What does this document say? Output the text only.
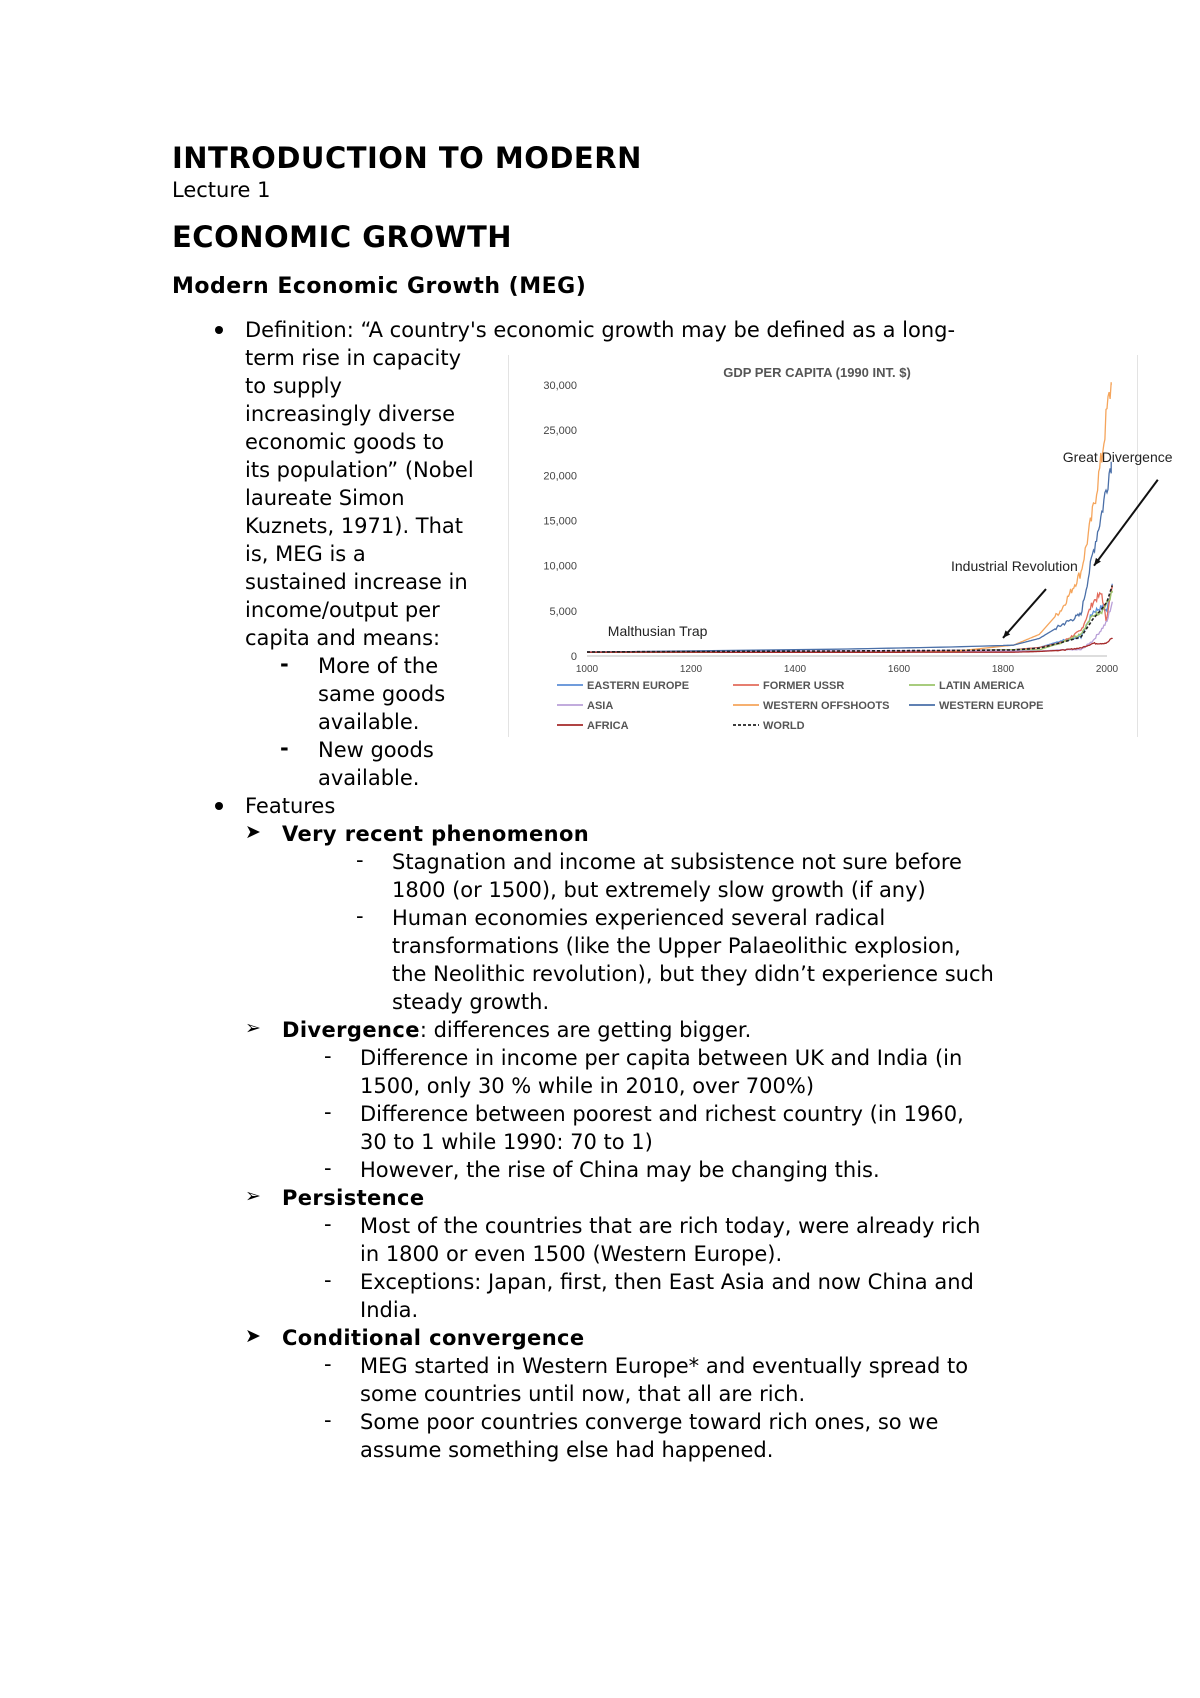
INTRODUCTION TO MODERN
Lecture 1
ECONOMIC GROWTH
Modern Economic Growth (MEG)
Definition: “A country's economic growth may be defined as a long-
term rise in capacity
to supply
increasingly diverse
economic goods to
its population” (Nobel
laureate Simon
Kuznets, 1971). That
is, MEG is a
sustained increase in
income/output per
capita and means:
- More of the
same goods
available.
- New goods
available.
Features
➤ Very recent phenomenon
- Stagnation and income at subsistence not sure before
1800 (or 1500), but extremely slow growth (if any)
- Human economies experienced several radical
transformations (like the Upper Palaeolithic explosion,
the Neolithic revolution), but they didn’t experience such
steady growth.
➢ Divergence: differences are getting bigger.
- Difference in income per capita between UK and India (in
1500, only 30 % while in 2010, over 700%)
- Difference between poorest and richest country (in 1960,
30 to 1 while 1990: 70 to 1)
- However, the rise of China may be changing this.
➢ Persistence
- Most of the countries that are rich today, were already rich
in 1800 or even 1500 (Western Europe).
- Exceptions: Japan, first, then East Asia and now China and
India.
➤ Conditional convergence
- MEG started in Western Europe* and eventually spread to
some countries until now, that all are rich.
- Some poor countries converge toward rich ones, so we
assume something else had happened.
GDP PER CAPITA (1990 INT. $)
0
5,000
10,000
15,000
20,000
25,000
30,000
1000	1200	1400	1600	1800	2000
Malthusian Trap
Industrial Revolution
Great Divergence
EASTERN EUROPE	FORMER USSR	LATIN AMERICA
ASIA	WESTERN OFFSHOOTS	WESTERN EUROPE
AFRICA	WORLD
